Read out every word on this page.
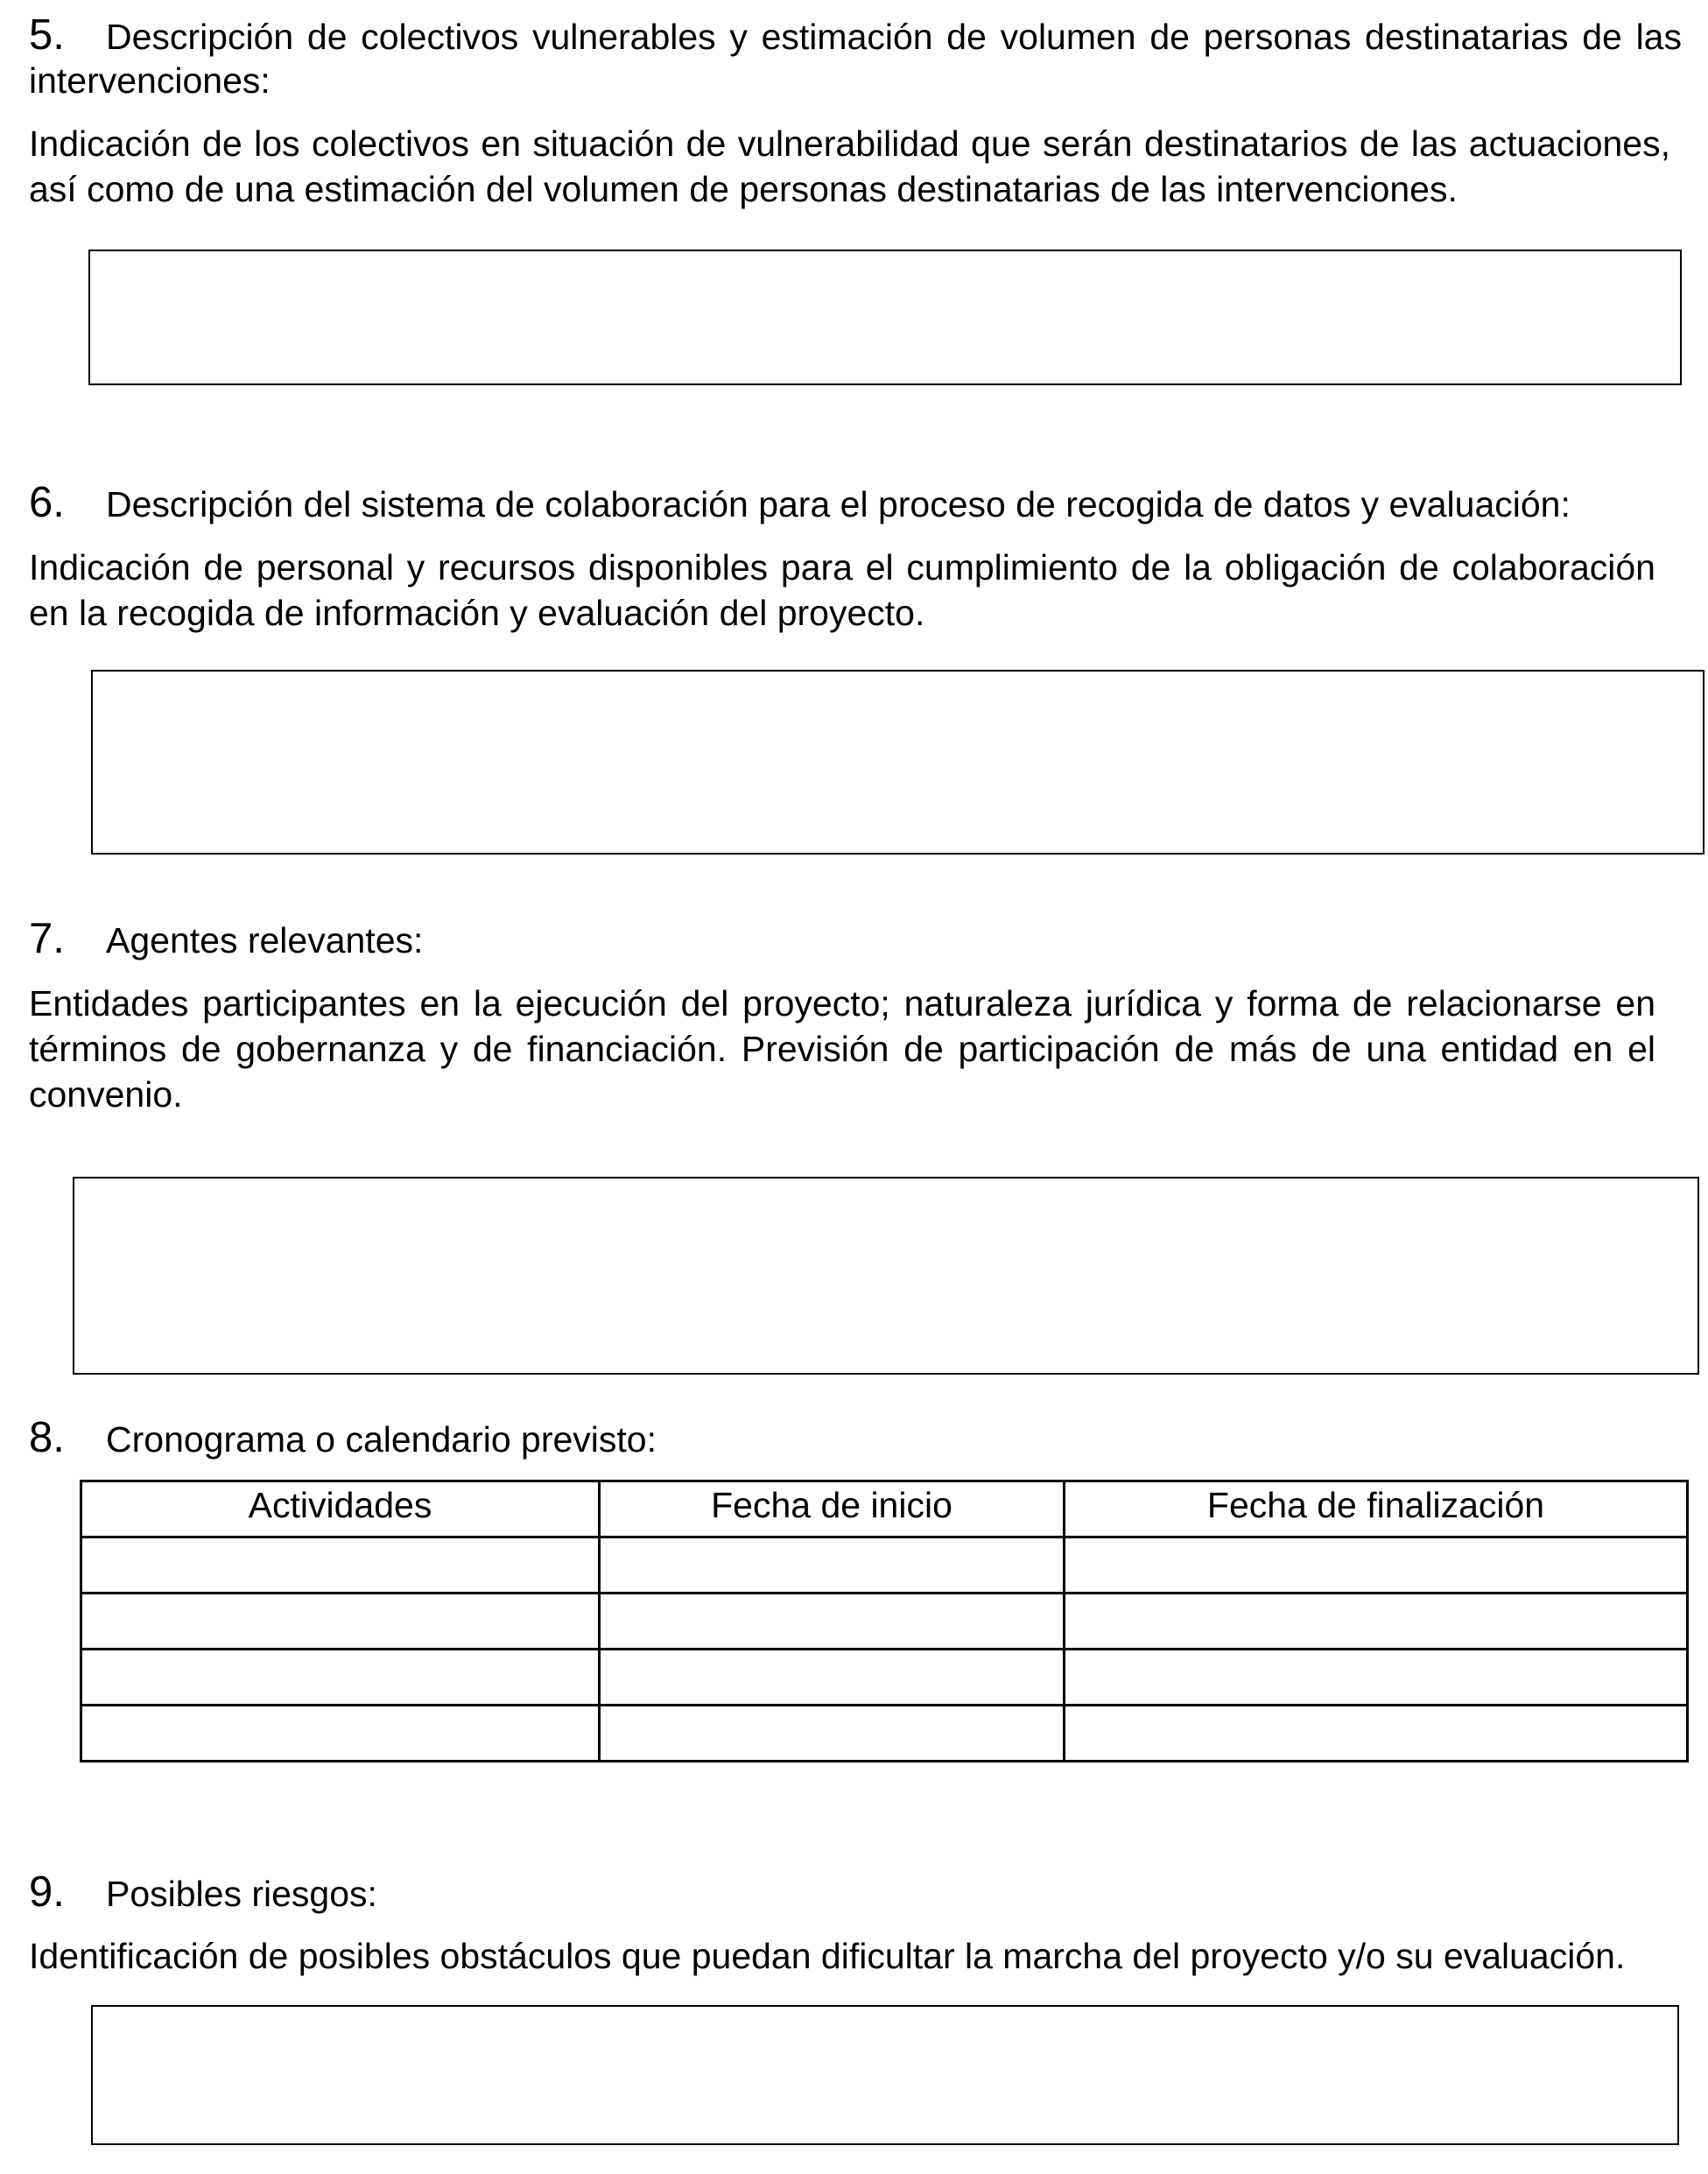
5. Descripción de colectivos vulnerables y estimación de volumen de personas destinatarias de las
intervenciones:
Indicación de los colectivos en situación de vulnerabilidad que serán destinatarios de las actuaciones,
así como de una estimación del volumen de personas destinatarias de las intervenciones.
6. Descripción del sistema de colaboración para el proceso de recogida de datos y evaluación:
Indicación de personal y recursos disponibles para el cumplimiento de la obligación de colaboración
en la recogida de información y evaluación del proyecto.
7. Agentes relevantes:
Entidades participantes en la ejecución del proyecto; naturaleza jurídica y forma de relacionarse en
términos de gobernanza y de financiación. Previsión de participación de más de una entidad en el
convenio.
8. Cronograma o calendario previsto:
Actividades	Fecha de inicio	Fecha de finalización

9. Posibles riesgos:
Identificación de posibles obstáculos que puedan dificultar la marcha del proyecto y/o su evaluación.
